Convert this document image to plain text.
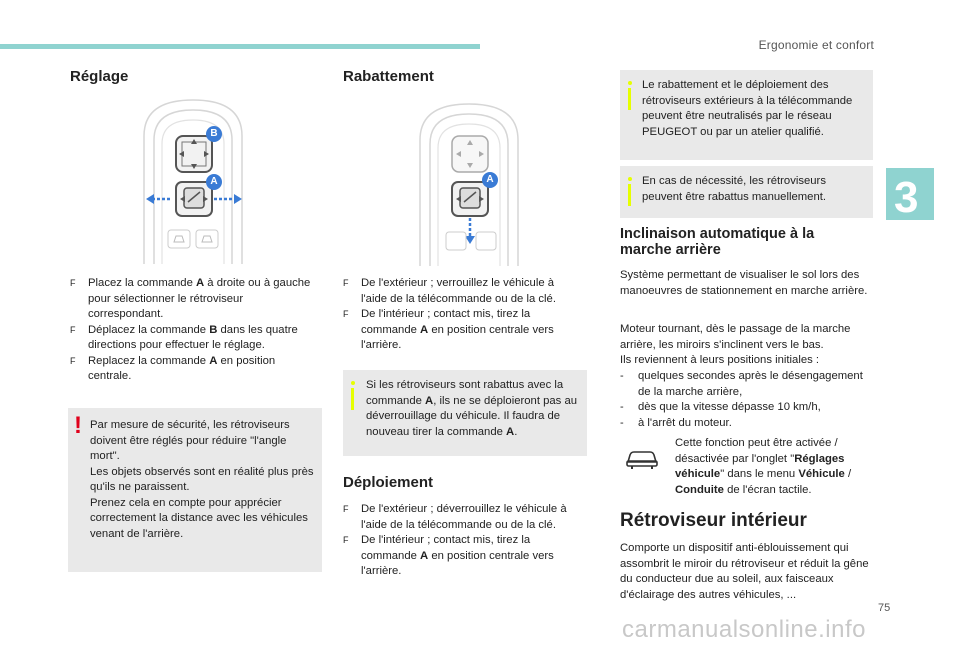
Ergonomie et confort
3
75
carmanualsonline.info
Réglage
B
A
F Placez la commande A à droite ou à gauche pour sélectionner le rétroviseur correspondant.
F Déplacez la commande B dans les quatre directions pour effectuer le réglage.
F Replacez la commande A en position centrale.
! Par mesure de sécurité, les rétroviseurs doivent être réglés pour réduire "l'angle mort".
Les objets observés sont en réalité plus près qu'ils ne paraissent.
Prenez cela en compte pour apprécier correctement la distance avec les véhicules venant de l'arrière.
Rabattement
A
F De l'extérieur ; verrouillez le véhicule à l'aide de la télécommande ou de la clé.
F De l'intérieur ; contact mis, tirez la commande A en position centrale vers l'arrière.
Si les rétroviseurs sont rabattus avec la commande A, ils ne se déploieront pas au déverrouillage du véhicule. Il faudra de nouveau tirer la commande A.
Déploiement
F De l'extérieur ; déverrouillez le véhicule à l'aide de la télécommande ou de la clé.
F De l'intérieur ; contact mis, tirez la commande A en position centrale vers l'arrière.
Le rabattement et le déploiement des rétroviseurs extérieurs à la télécommande peuvent être neutralisés par le réseau PEUGEOT ou par un atelier qualifié.
En cas de nécessité, les rétroviseurs peuvent être rabattus manuellement.
Inclinaison automatique à la
marche arrière

Système permettant de visualiser le sol lors des manoeuvres de stationnement en marche arrière.

Moteur tournant, dès le passage de la marche arrière, les miroirs s'inclinent vers le bas.
Ils reviennent à leurs positions initiales :
- quelques secondes après le désengagement de la marche arrière,
- dès que la vitesse dépasse 10 km/h,
- à l'arrêt du moteur.
Cette fonction peut être activée / désactivée par l'onglet "Réglages véhicule" dans le menu Véhicule / Conduite de l'écran tactile.
Rétroviseur intérieur

Comporte un dispositif anti-éblouissement qui assombrit le miroir du rétroviseur et réduit la gêne du conducteur due au soleil, aux faisceaux d'éclairage des autres véhicules, ...
